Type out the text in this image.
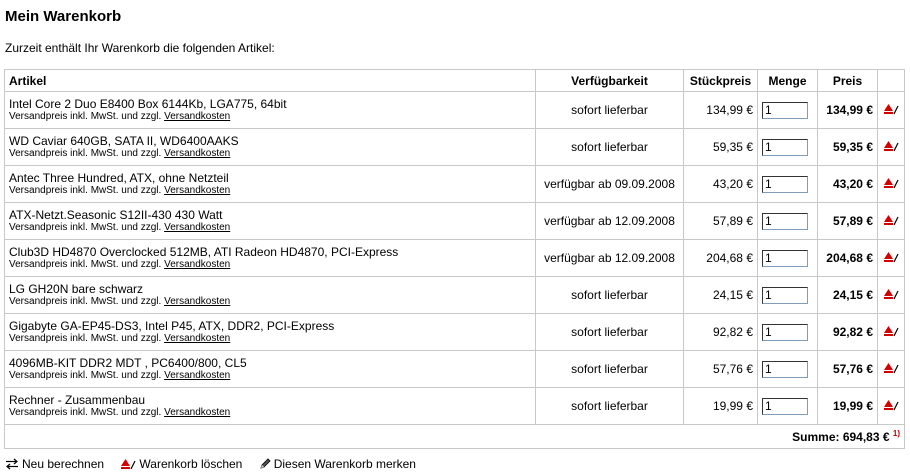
Mein Warenkorb
Zurzeit enthält Ihr Warenkorb die folgenden Artikel:
Artikel	Verfügbarkeit	Stückpreis	Menge	Preis	

Intel Core 2 Duo E8400 Box 6144Kb, LGA775, 64bit
Versandpreis inkl. MwSt. und zzgl. Versandkosten	sofort lieferbar	134,99 €	1	134,99 €	

WD Caviar 640GB, SATA II, WD6400AAKS
Versandpreis inkl. MwSt. und zzgl. Versandkosten	sofort lieferbar	59,35 €	1	59,35 €	

Antec Three Hundred, ATX, ohne Netzteil
Versandpreis inkl. MwSt. und zzgl. Versandkosten	verfügbar ab 09.09.2008	43,20 €	1	43,20 €	

ATX-Netzt.Seasonic S12II-430 430 Watt
Versandpreis inkl. MwSt. und zzgl. Versandkosten	verfügbar ab 12.09.2008	57,89 €	1	57,89 €	

Club3D HD4870 Overclocked 512MB, ATI Radeon HD4870, PCI-Express
Versandpreis inkl. MwSt. und zzgl. Versandkosten	verfügbar ab 12.09.2008	204,68 €	1	204,68 €	

LG GH20N bare schwarz
Versandpreis inkl. MwSt. und zzgl. Versandkosten	sofort lieferbar	24,15 €	1	24,15 €	

Gigabyte GA-EP45-DS3, Intel P45, ATX, DDR2, PCI-Express
Versandpreis inkl. MwSt. und zzgl. Versandkosten	sofort lieferbar	92,82 €	1	92,82 €	

4096MB-KIT DDR2 MDT , PC6400/800, CL5
Versandpreis inkl. MwSt. und zzgl. Versandkosten	sofort lieferbar	57,76 €	1	57,76 €	

Rechner - Zusammenbau
Versandpreis inkl. MwSt. und zzgl. Versandkosten	sofort lieferbar	19,99 €	1	19,99 €	
Summe: 694,83 € $^{1)}$
Neu berechnen
	Warenkorb löschen
	Diesen Warenkorb merken
